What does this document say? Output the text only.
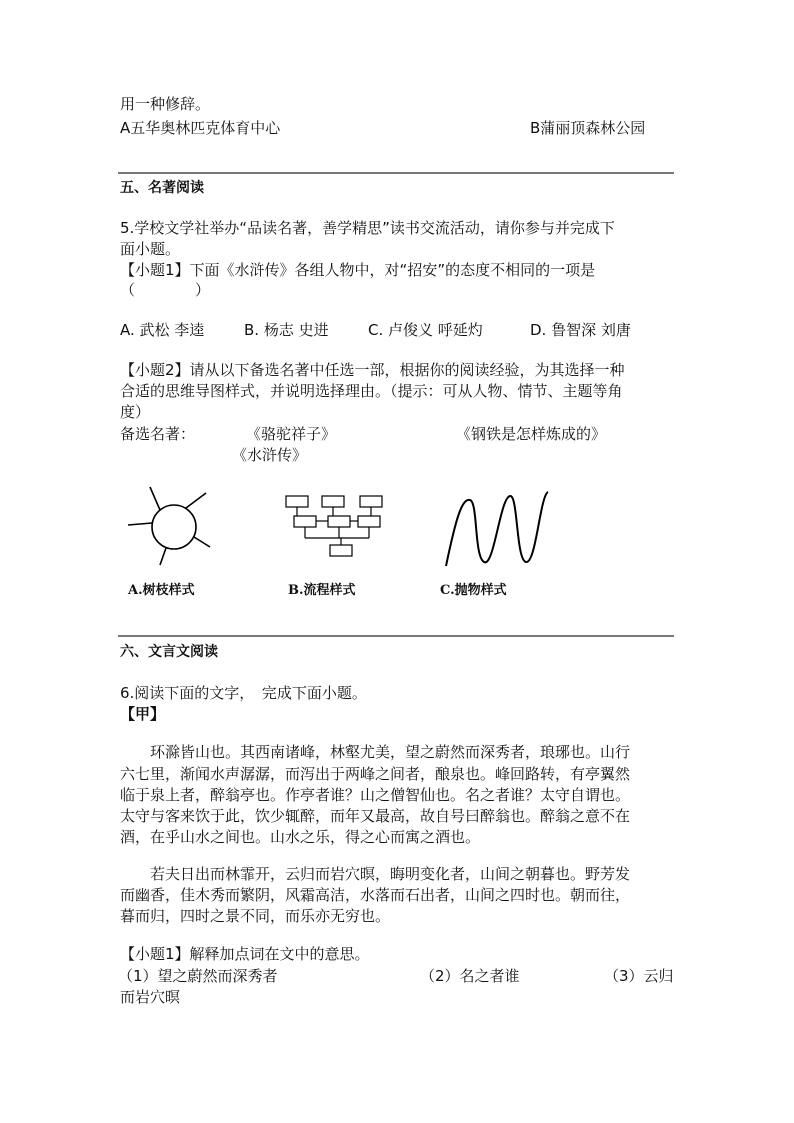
用一种修辞。
A五华奥林匹克体育中心	B蒲丽顶森林公园
五、名著阅读
5.学校文学社举办“品读名著，善学精思”读书交流活动，请你参与并完成下
面小题。
【小题1】下面《水浒传》各组人物中，对“招安”的态度不相同的一项是
（　　　　）
A. 武松 李逵	B. 杨志 史进	C. 卢俊义 呼延灼	D. 鲁智深 刘唐
【小题2】请从以下备选名著中任选一部，根据你的阅读经验，为其选择一种
合适的思维导图样式，并说明选择理由。（提示：可从人物、情节、主题等角
度）
备选名著：	《骆驼祥子》	《钢铁是怎样炼成的》
《水浒传》
A.树枝样式	B.流程样式	C.抛物样式
六、文言文阅读
6.阅读下面的文字，　完成下面小题。
【甲】
　　环滁皆山也。其西南诸峰，林壑尤美，望之蔚然而深秀者，琅琊也。山行
六七里，渐闻水声潺潺，而泻出于两峰之间者，酿泉也。峰回路转，有亭翼然
临于泉上者，醉翁亭也。作亭者谁？山之僧智仙也。名之者谁？太守自谓也。
太守与客来饮于此，饮少辄醉，而年又最高，故自号曰醉翁也。醉翁之意不在
酒，在乎山水之间也。山水之乐，得之心而寓之酒也。
　　若夫日出而林霏开，云归而岩穴暝，晦明变化者，山间之朝暮也。野芳发
而幽香，佳木秀而繁阴，风霜高洁，水落而石出者，山间之四时也。朝而往，
暮而归，四时之景不同，而乐亦无穷也。
【小题1】解释加点词在文中的意思。
（1）望之蔚然而深秀者	（2）名之者谁	（3）云归
而岩穴暝
